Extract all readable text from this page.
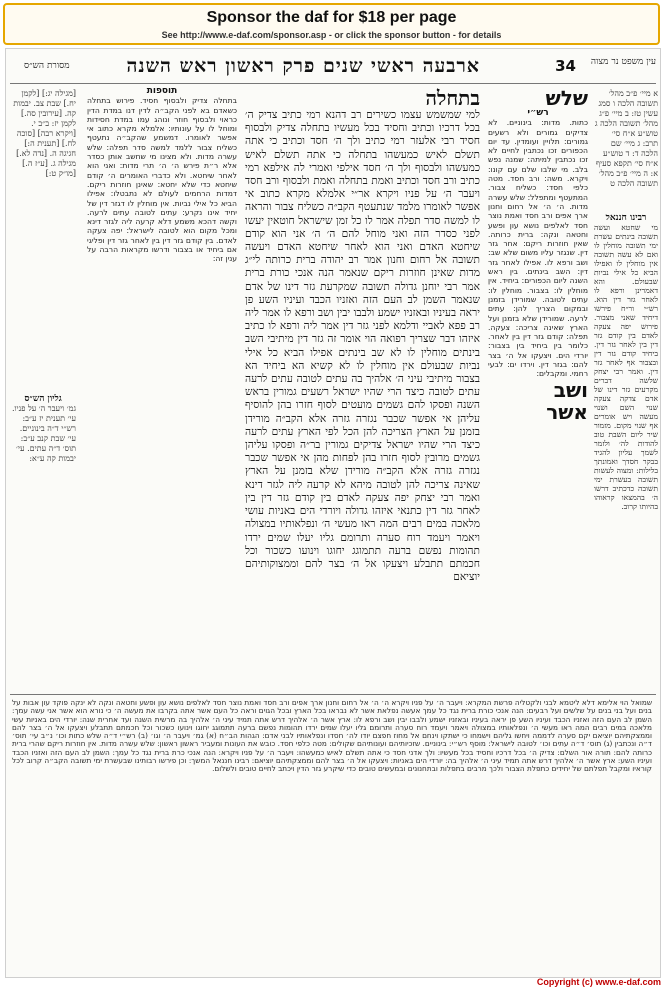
Sponsor the daf for $18 per page
See http://www.e-daf.com/sponsor.asp - or click the sponsor button - for details
34
ארבעה ראשי שנים פרק ראשון ראש השנה	עין משפט נר מצוה
מסורת הש״ס
א מיי׳ פ״ב מהל׳ תשובה הלכה ו סמג עשין טז: ב מיי׳ פ״ג מהל׳ תשובה הלכה ג טוש״ע א״ח סי׳ תרב: ג מיי׳ שם הלכה ד: ד טוש״ע א״ח סי׳ תקפא סעיף א: ה מיי׳ פ״ב מהל׳ תשובה הלכה ט
רבינו חננאל
מי שחטא ועשה תשובה בינתים עשרת ימי תשובה מוחלין לו ואם לא עשה תשובה אין מוחלין לו ואפילו הביא כל אילי נביות שבעולם. והא דאמרינן ורפא לו לאחר גזר דין הוא. רש״י ור״ח פירשו דיחיד שאני מצבור. פירוש יפה צעקה לאדם בין קודם גזר דין בין לאחר גזר דין. ביחיד קודם גזר דין ובצבור אף לאחר גזר דין. ואמר רבי יצחק שלשה דברים מקרעים גזר דינו של אדם צדקה צעקה שנוי השם ושנוי מעשה ויש אומרים אף שנוי מקום. מזמור שיר ליום השבת טוב להודות לה׳ ולזמר לשמך עליון להגיד בבקר חסדך ואמונתך בלילות: ומצוה לעשות תשובה בעשרת ימי תשובה כדכתיב דרשו ה׳ בהמצאו קראוהו בהיותו קרוב.
שלש
רש״י
כתות. מדות: בינוניים. לא צדיקים גמורים ולא רשעים גמורים: תלויין ועומדין. עד יום הכפורים זכו נכתבין לחיים לא זכו נכתבין למיתה: שמנה נפש בלב. מי שלבו שלם עם קונו: ויקרא. משה: ורב חסד. מטה כלפי חסד: כשליח צבור. המתעטף ומתפלל: שלש עשרה מדות. ה׳ ה׳ אל רחום וחנון ארך אפים ורב חסד ואמת נוצר חסד לאלפים נושא עון ופשע וחטאה ונקה: ברית כרותה. שאין חוזרות ריקם: אחר גזר דין. שנגזר עליו משום שלא שב: ושב ורפא לו. אפילו לאחר גזר דין: השב בינתים. בין ראש השנה ליום הכפורים: ביחיד. אין מוחלין לו: בצבור. מוחלין לו: עתים לטובה. שמורידן בזמנן ובמקום הצריך להן: עתים לרעה. שמורידן שלא בזמנן ועל הארץ שאינה צריכה: צעקה. תפלה: קודם גזר דין בין לאחר. כלומר בין ביחיד בין בצבור: יורדי הים. ויצעקו אל ה׳ בצר להם: בגזר דין. וירדו ים: לבעי רחמי. ומקבלים:
ושב
אשר
בתחלה
למי שמשמש עצמו כשירים רב דהנא רמי כתיב צדיק ה׳ בכל דרכיו וכתיב וחסיד בכל מעשיו בתחלה צדיק ולבסוף חסיד רבי אלעזר רמי כתיב ולך ה׳ חסד וכתיב כי אתה תשלם לאיש כמעשהו בתחלה כי אתה תשלם לאיש כמעשהו ולבסוף ולך ה׳ חסד אילפי ואמרי לה אילפא רמי כתיב ורב חסד וכתיב ואמת בתחלה ואמת ולבסוף ורב חסד ויעבר ה׳ על פניו ויקרא אר״י אלמלא מקרא כתוב אי אפשר לאומרו מלמד שנתעטף הקב״ה כשליח צבור והראה לו למשה סדר תפלה אמר לו כל זמן שישראל חוטאין יעשו לפני כסדר הזה ואני מוחל להם ה׳ ה׳ אני הוא קודם שיחטא האדם ואני הוא לאחר שיחטא האדם ויעשה תשובה אל רחום וחנון אמר רב יהודה ברית כרותה לי״ג מדות שאינן חוזרות ריקם שנאמר הנה אנכי כורת ברית אמר רבי יוחנן גדולה תשובה שמקרעת גזר דינו של אדם שנאמר השמן לב העם הזה ואזניו הכבד ועיניו השע פן יראה בעיניו ובאזניו ישמע ולבבו יבין ושב ורפא לו אמר ליה רב פפא לאביי ודלמא לפני גזר דין אמר ליה ורפא לו כתיב איזהו דבר שצריך רפואה הוי אומר זה גזר דין מיתיבי השב בינתים מוחלין לו לא שב בינתים אפילו הביא כל אילי נביות שבעולם אין מוחלין לו לא קשיא הא ביחיד הא בצבור מיתיבי עיני ה׳ אלהיך בה עתים לטובה עתים לרעה עתים לטובה כיצד הרי שהיו ישראל רשעים גמורין בראש השנה ופסקו להם גשמים מועטים לסוף חזרו בהן להוסיף עליהן אי אפשר שכבר נגזרה גזרה אלא הקב״ה מורידן בזמנן על הארץ הצריכה להן הכל לפי הארץ עתים לרעה כיצד הרי שהיו ישראל צדיקים גמורין בר״ה ופסקו עליהן גשמים מרובין לסוף חזרו בהן לפחות מהן אי אפשר שכבר נגזרה גזרה אלא הקב״ה מורידן שלא בזמנן על הארץ שאינה צריכה להן לטובה מיהא לא קרעה ליה לגזר דינא ואמר רבי יצחק יפה צעקה לאדם בין קודם גזר דין בין לאחר גזר דין כתנאי איזהו גדולה ויורדי הים באניות עושי מלאכה במים רבים המה ראו מעשי ה׳ ונפלאותיו במצולה ויאמר ויעמד רוח סערה ותרומם גליו יעלו שמים ירדו תהומות נפשם ברעה תתמוגג יחוגו וינועו כשכור וכל חכמתם תתבלע ויצעקו אל ה׳ בצר להם וממצוקותיהם יוציאם
תוספות
בתחלה צדיק ולבסוף חסיד. פירוש בתחלה כשאדם בא לפני הקב״ה לדין דנו במדת הדין כראוי ולבסוף חוזר ונוהג עמו במדת חסידות ומוחל לו על עונותיו: אלמלא מקרא כתוב אי אפשר לאומרו. דמשמע שהקב״ה נתעטף כשליח צבור ללמד למשה סדר תפלה: שלש עשרה מדות. ולא מצינו מי שחשב אותן כסדר אלא ר״ת פירש ה׳ ה׳ תרי מדות: ואני הוא לאחר שיחטא. ולא כדברי האומרים ה׳ קודם שיחטא כדי שלא יחטא: שאינן חוזרות ריקם. דמדות הרחמים לעולם לא נתבטלו: אפילו הביא כל אילי נביות. אין מוחלין לו דגזר דין של יחיד אינו נקרע: עתים לטובה עתים לרעה. וקשה דהכא משמע דלא קרעה ליה לגזר דינא ומכל מקום הוא לטובה לישראל: יפה צעקה לאדם. בין קודם גזר דין בין לאחר גזר דין ופליגי אם ביחיד או בצבור ודרשו מקראות הרבה על ענין זה:
[מגילה יג:] [לקמן יח.] שבת צב. יבמות קה. [עירובין סה.] לקמן יז: ב״ב י. [ויקרא רבה] [סוכה לח.] [תענית ה:] חגיגה ה. [נדה לא.] מגילה ג. [ע״ז ה.] [מו״ק ט:]
גליון הש״ס
גמ׳ ויעבר ה׳ על פניו. עי׳ תענית יז ע״ב: רש״י ד״ה בינוניים. עי׳ שבת קנב ע״ב: תוס׳ ד״ה עתים. עי׳ יבמות קה ע״א:
שמואל הוי אלימא דלא ליטמא לבני ולקטליה פרשת המקרא: ויעבר ה׳ על פניו ויקרא ה׳ ה׳ אל רחום וחנון ארך אפים ורב חסד ואמת נוצר חסד לאלפים נושא עון ופשע וחטאה ונקה לא ינקה פוקד עון אבות על בנים ועל בני בנים על שלשים ועל רבעים: הנה אנכי כורת ברית נגד כל עמך אעשה נפלאת אשר לא נבראו בכל הארץ ובכל הגוים וראה כל העם אשר אתה בקרבו את מעשה ה׳ כי נורא הוא אשר אני עשה עמך: השמן לב העם הזה ואזניו הכבד ועיניו השע פן יראה בעיניו ובאזניו ישמע ולבבו יבין ושב ורפא לו: ארץ אשר ה׳ אלהיך דרש אתה תמיד עיני ה׳ אלהיך בה מרשית השנה ועד אחרית שנה: יורדי הים באניות עשי מלאכה במים רבים המה ראו מעשי ה׳ ונפלאותיו במצולה ויאמר ויעמד רוח סערה ותרומם גליו יעלו שמים ירדו תהומות נפשם ברעה תתמוגג יחוגו וינועו כשכור וכל חכמתם תתבלע ויצעקו אל ה׳ בצר להם וממצקתיהם יוציאם יקם סערה לדממה ויחשו גליהם וישמחו כי ישתקו וינחם אל מחוז חפצם יודו לה׳ חסדו ונפלאותיו לבני אדם: הגהות הב״ח (א) גמ׳ ויעבר ה׳ וגו׳ (ב) רש״י ד״ה שלש כתות וכו׳ נ״ב עי׳ תוס׳ ד״ה ונכתבין (ג) תוס׳ ד״ה עתים וכו׳ לטובה לישראל: מוסף רש״י: בינוניים. שזכיותיהם ועונותיהם שקולים: מטה כלפי חסד. כובש את העונות ומעביר ראשון ראשון: שלש עשרה מדות. אין חוזרות ריקם שהרי ברית כרותה להם: תורה אור השלם: צדיק ה׳ בכל דרכיו וחסיד בכל מעשיו: ולך אדני חסד כי אתה תשלם לאיש כמעשהו: ויעבר ה׳ על פניו ויקרא: הנה אנכי כרת ברית נגד כל עמך: השמן לב העם הזה ואזניו הכבד ועיניו השע: ארץ אשר ה׳ אלהיך דרש אתה תמיד עיני ה׳ אלהיך בה: יורדי הים באניות: ויצעקו אל ה׳ בצר להם וממצקתיהם יוציאם: רבינו חננאל המשך: וכן פירשו רבותינו שבעשרת ימי תשובה הקב״ה קרוב לכל קוראיו ומקבל תפלתם של יחידים כתפלת הצבור ולכך מרבים בתפלות ובתחנונים ובמעשים טובים כדי שיקרע גזר הדין ויכתב לחיים טובים ולשלום.
Copyright (c) www.e-daf.com
